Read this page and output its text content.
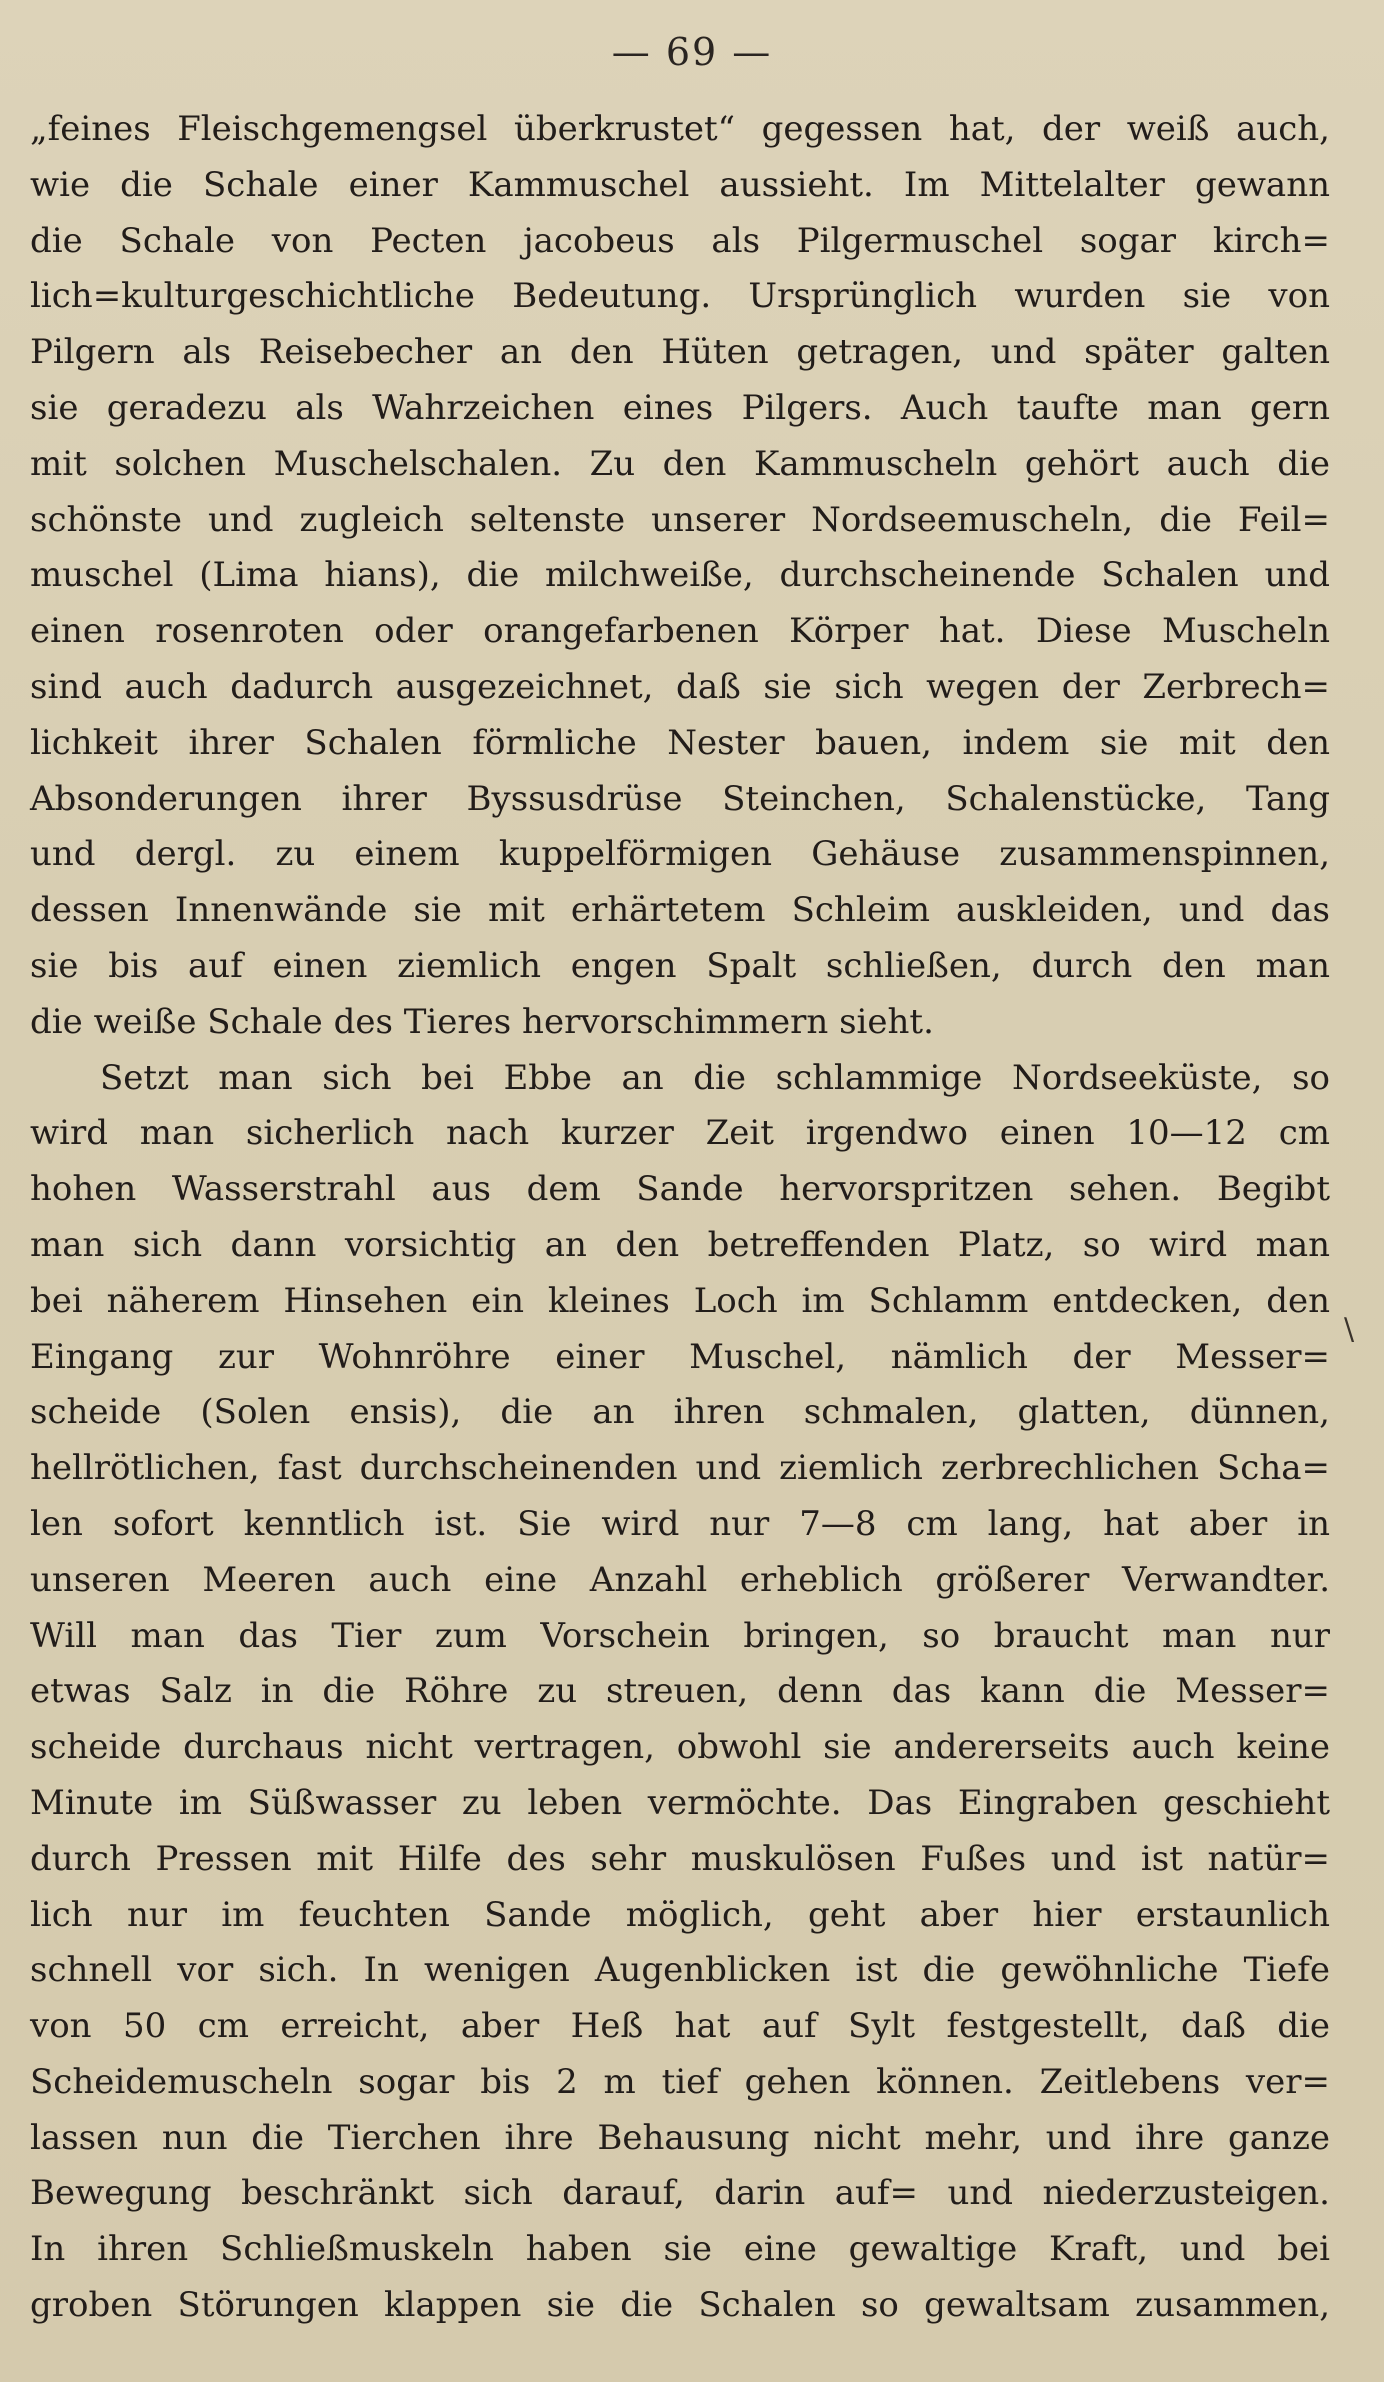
— 69 —
„feines Fleischgemengsel überkrustet“ gegessen hat, der weiß auch,
wie die Schale einer Kammuschel aussieht. Im Mittelalter gewann
die Schale von Pecten jacobeus als Pilgermuschel sogar kirch=
lich=kulturgeschichtliche Bedeutung. Ursprünglich wurden sie von
Pilgern als Reisebecher an den Hüten getragen, und später galten
sie geradezu als Wahrzeichen eines Pilgers. Auch taufte man gern
mit solchen Muschelschalen. Zu den Kammuscheln gehört auch die
schönste und zugleich seltenste unserer Nordseemuscheln, die Feil=
muschel (Lima hians), die milchweiße, durchscheinende Schalen und
einen rosenroten oder orangefarbenen Körper hat. Diese Muscheln
sind auch dadurch ausgezeichnet, daß sie sich wegen der Zerbrech=
lichkeit ihrer Schalen förmliche Nester bauen, indem sie mit den
Absonderungen ihrer Byssusdrüse Steinchen, Schalenstücke, Tang
und dergl. zu einem kuppelförmigen Gehäuse zusammenspinnen,
dessen Innenwände sie mit erhärtetem Schleim auskleiden, und das
sie bis auf einen ziemlich engen Spalt schließen, durch den man
die weiße Schale des Tieres hervorschimmern sieht.
Setzt man sich bei Ebbe an die schlammige Nordseeküste, so
wird man sicherlich nach kurzer Zeit irgendwo einen 10—12 cm
hohen Wasserstrahl aus dem Sande hervorspritzen sehen. Begibt
man sich dann vorsichtig an den betreffenden Platz, so wird man
bei näherem Hinsehen ein kleines Loch im Schlamm entdecken, den
Eingang zur Wohnröhre einer Muschel, nämlich der Messer=
scheide (Solen ensis), die an ihren schmalen, glatten, dünnen,
hellrötlichen, fast durchscheinenden und ziemlich zerbrechlichen Scha=
len sofort kenntlich ist. Sie wird nur 7—8 cm lang, hat aber in
unseren Meeren auch eine Anzahl erheblich größerer Verwandter.
Will man das Tier zum Vorschein bringen, so braucht man nur
etwas Salz in die Röhre zu streuen, denn das kann die Messer=
scheide durchaus nicht vertragen, obwohl sie andererseits auch keine
Minute im Süßwasser zu leben vermöchte. Das Eingraben geschieht
durch Pressen mit Hilfe des sehr muskulösen Fußes und ist natür=
lich nur im feuchten Sande möglich, geht aber hier erstaunlich
schnell vor sich. In wenigen Augenblicken ist die gewöhnliche Tiefe
von 50 cm erreicht, aber Heß hat auf Sylt festgestellt, daß die
Scheidemuscheln sogar bis 2 m tief gehen können. Zeitlebens ver=
lassen nun die Tierchen ihre Behausung nicht mehr, und ihre ganze
Bewegung beschränkt sich darauf, darin auf= und niederzusteigen.
In ihren Schließmuskeln haben sie eine gewaltige Kraft, und bei
groben Störungen klappen sie die Schalen so gewaltsam zusammen,
\
